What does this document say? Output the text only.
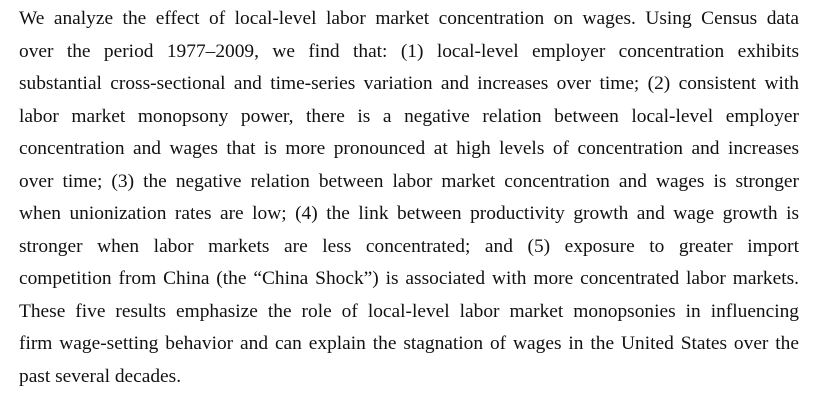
We analyze the effect of local-level labor market concentration on wages. Using Census data
over the period 1977–2009, we find that: (1) local-level employer concentration exhibits
substantial cross-sectional and time-series variation and increases over time; (2) consistent with
labor market monopsony power, there is a negative relation between local-level employer
concentration and wages that is more pronounced at high levels of concentration and increases
over time; (3) the negative relation between labor market concentration and wages is stronger
when unionization rates are low; (4) the link between productivity growth and wage growth is
stronger when labor markets are less concentrated; and (5) exposure to greater import
competition from China (the “China Shock”) is associated with more concentrated labor markets.
These five results emphasize the role of local-level labor market monopsonies in influencing
firm wage-setting behavior and can explain the stagnation of wages in the United States over the
past several decades.
